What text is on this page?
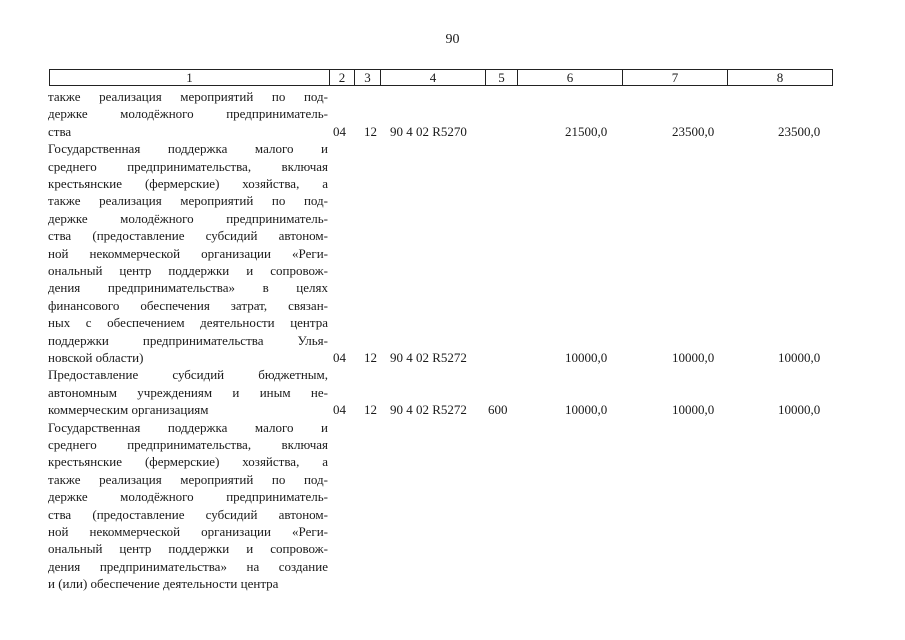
90
1	2	3	4	5	6	7	8
также реализация мероприятий по под-
держке молодёжного предприниматель-
ства	04 12 90 4 02 R5270	21500,0	23500,0	23500,0
Государственная поддержка малого и
среднего предпринимательства, включая
крестьянские (фермерские) хозяйства, а
также реализация мероприятий по под-
держке молодёжного предприниматель-
ства (предоставление субсидий автоном-
ной некоммерческой организации «Реги-
ональный центр поддержки и сопровож-
дения предпринимательства» в целях
финансового обеспечения затрат, связан-
ных с обеспечением деятельности центра
поддержки предпринимательства Улья-
новской области)	04 12 90 4 02 R5272	10000,0	10000,0	10000,0
Предоставление субсидий бюджетным,
автономным учреждениям и иным не-
коммерческим организациям	04 12 90 4 02 R5272 600	10000,0	10000,0	10000,0
Государственная поддержка малого и
среднего предпринимательства, включая
крестьянские (фермерские) хозяйства, а
также реализация мероприятий по под-
держке молодёжного предприниматель-
ства (предоставление субсидий автоном-
ной некоммерческой организации «Реги-
ональный центр поддержки и сопровож-
дения предпринимательства» на создание
и (или) обеспечение деятельности центра
